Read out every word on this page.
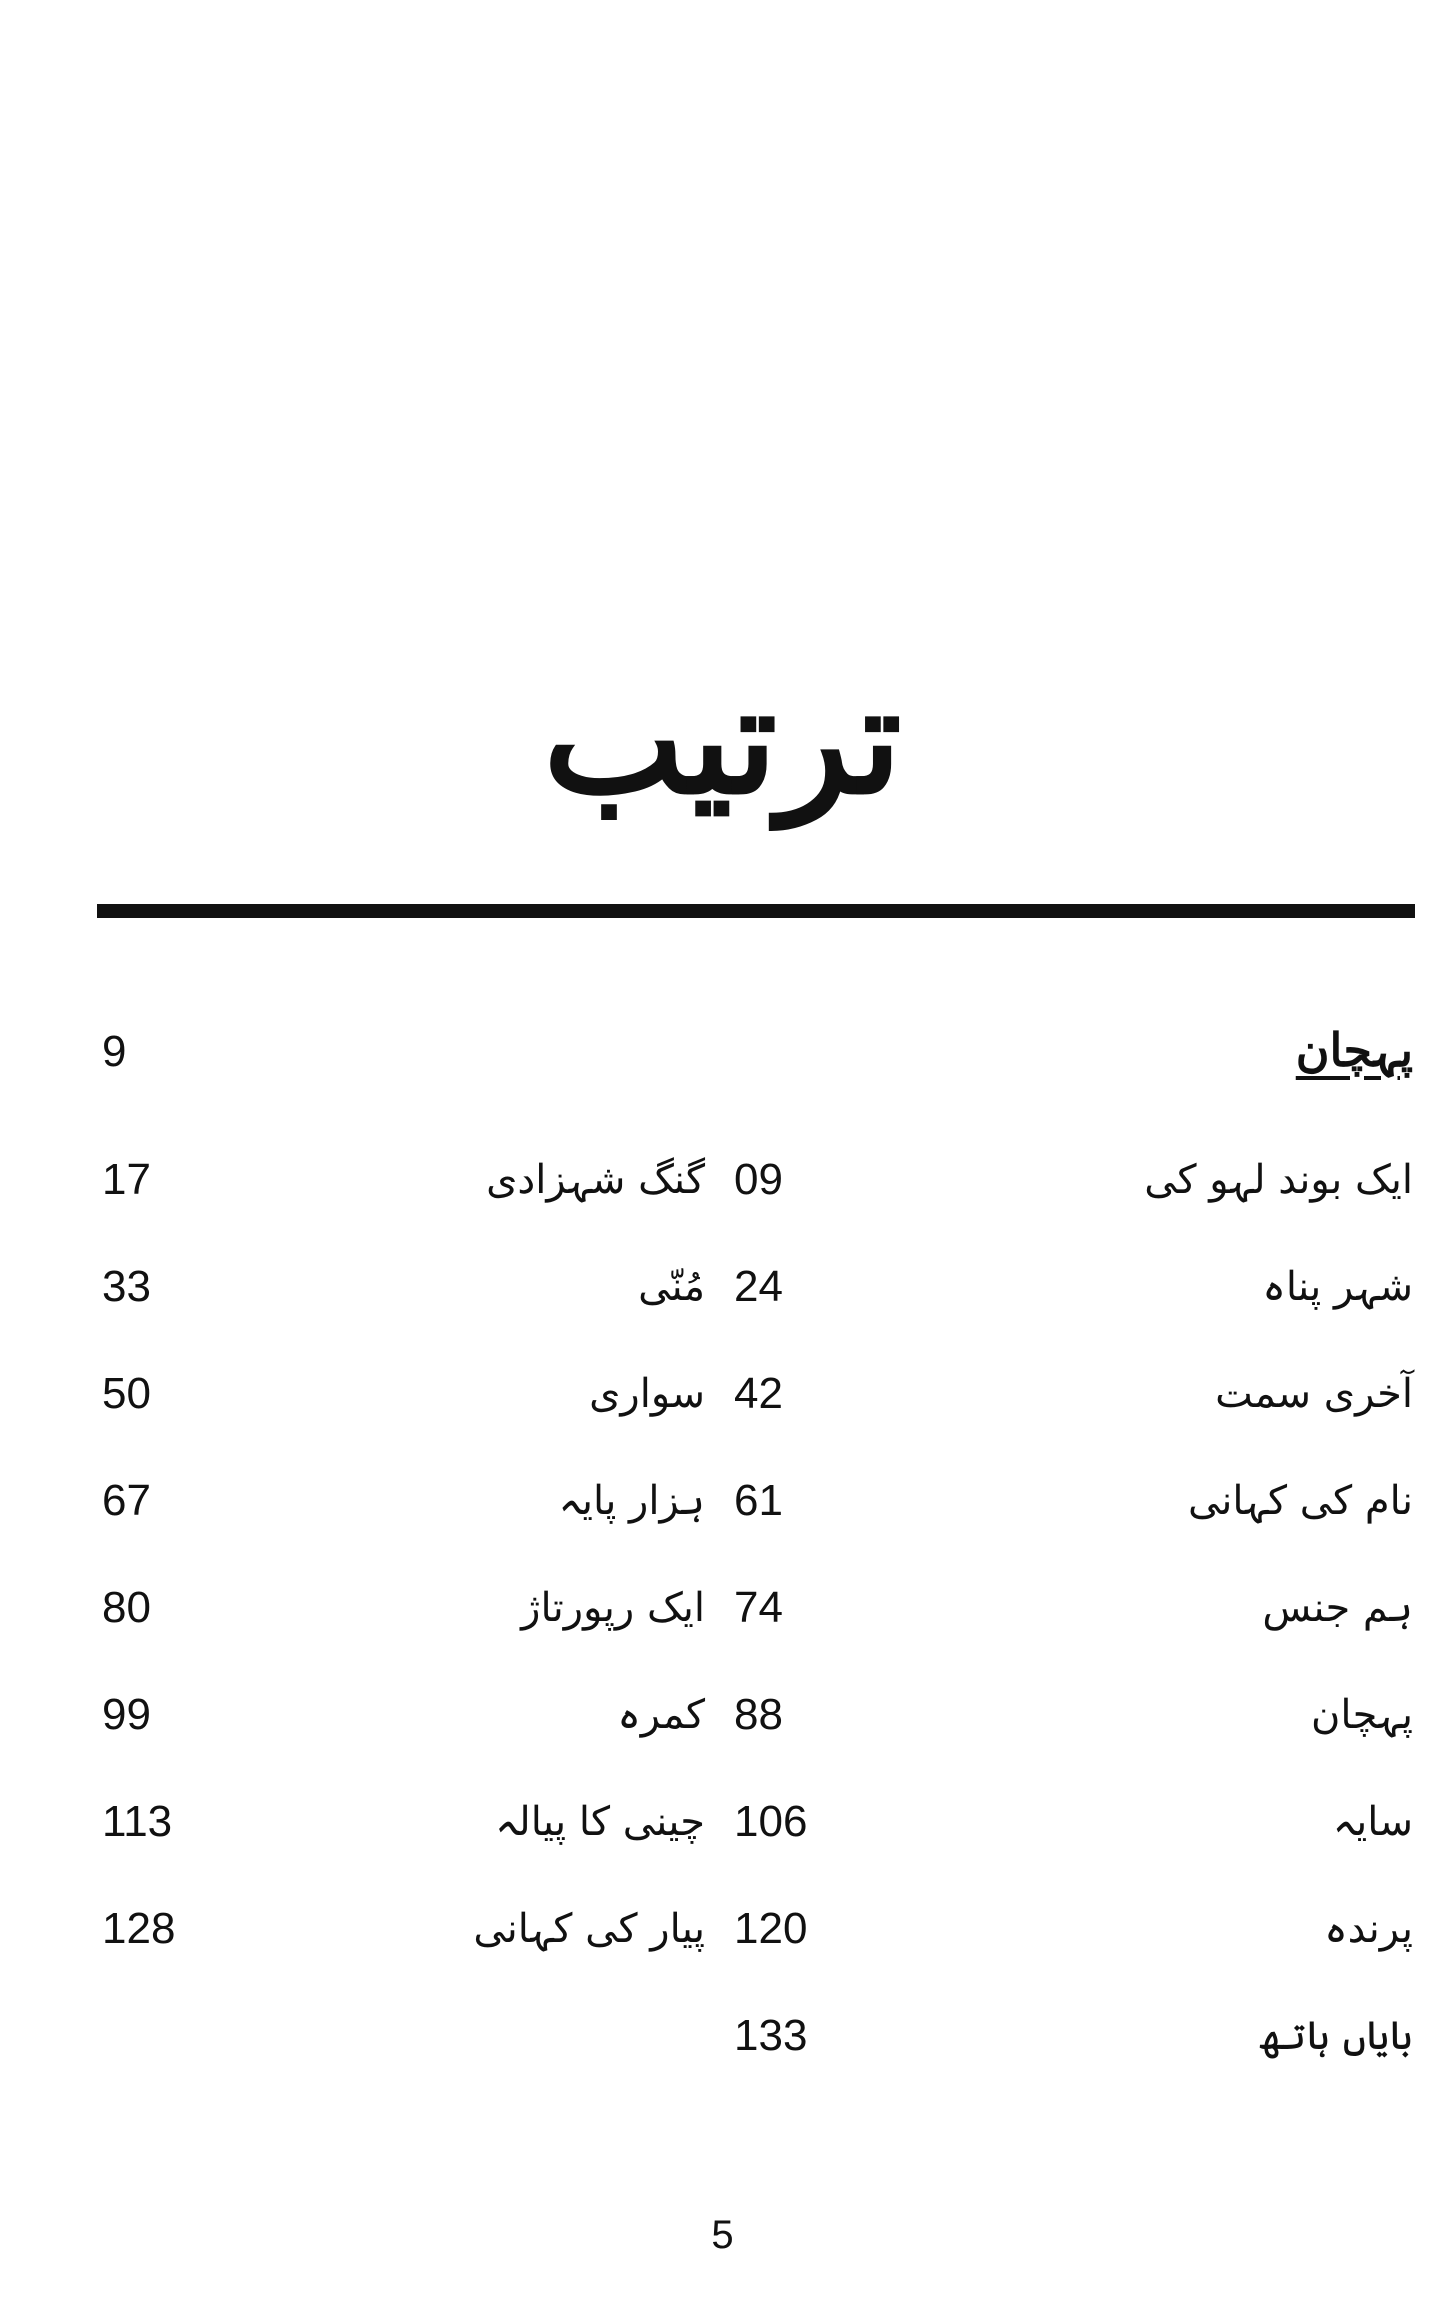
ترتیب
پہچان
9
ایک بوند لہو کی
09
گنگ شہزادی
17
شہر پناہ
24
مُنّی
33
آخری سمت
42
سواری
50
نام کی کہانی
61
ہزار پایہ
67
ہم جنس
74
ایک رپورتاژ
80
پہچان
88
کمرہ
99
سایہ
106
چینی کا پیالہ
113
پرندہ
120
پیار کی کہانی
128
بایاں ہاتھ
133
5
